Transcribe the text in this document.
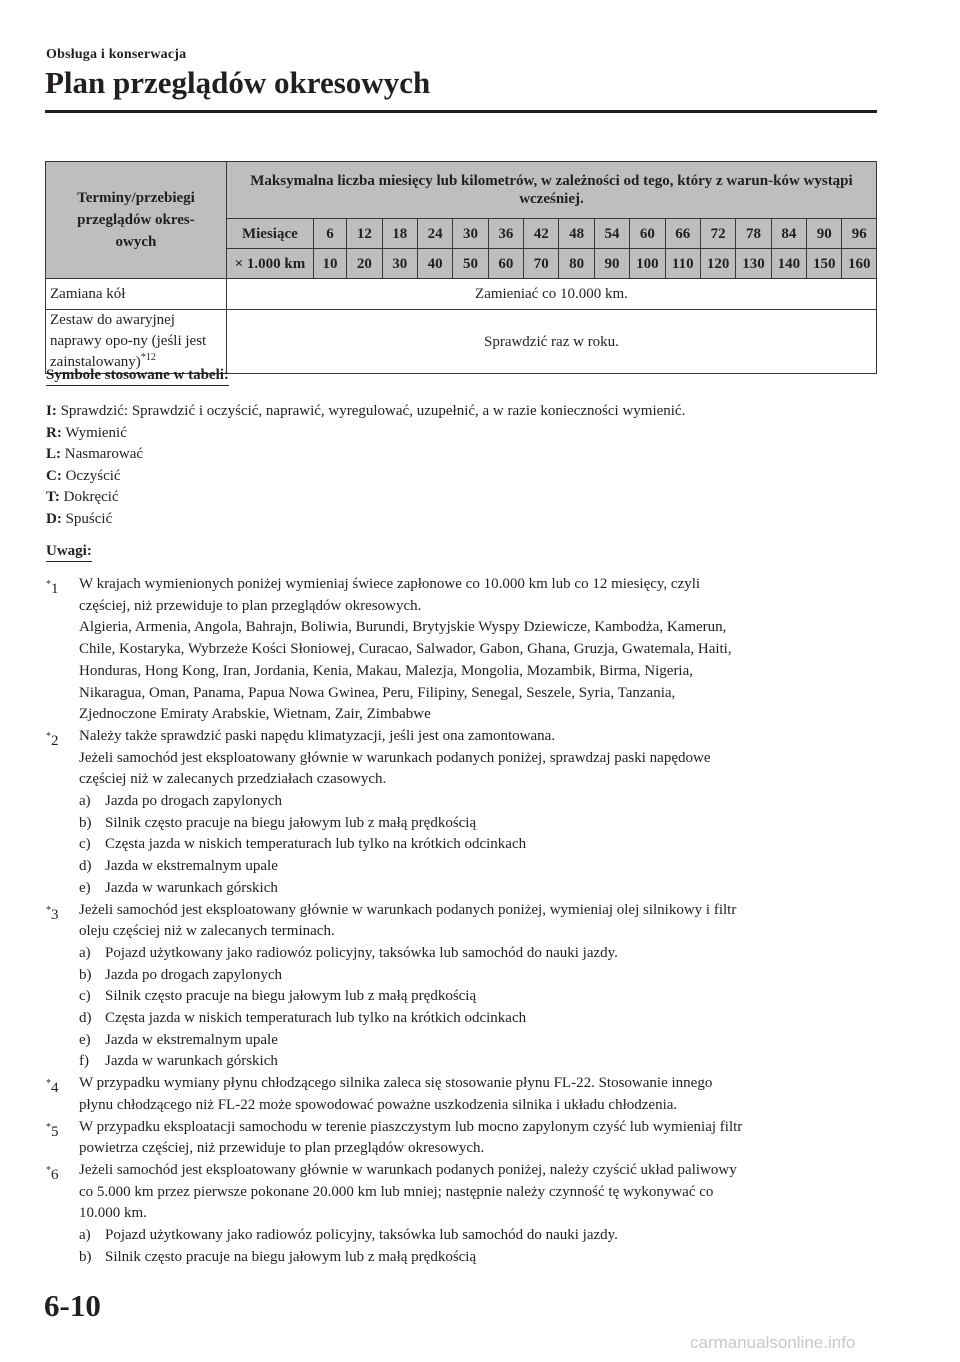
Obsługa i konserwacja
Plan przeglądów okresowych
Terminy/przebiegi
przeglądów okres-
owych	Maksymalna liczba miesięcy lub kilometrów, w zależności od tego, który z warun-ków wystąpi wcześniej.																
	Miesiące	6	12	18	24	30	36	42	48	54	60	66	72	78	84	90	96
	× 1.000 km	10	20	30	40	50	60	70	80	90	100	110	120	130	140	150	160
Zamiana kół	Zamieniać co 10.000 km.																
Zestaw do awaryjnej naprawy opo-ny (jeśli jest zainstalowany)$^{*12}$	Sprawdzić raz w roku.																
Symbole stosowane w tabeli:
I: Sprawdzić: Sprawdzić i oczyścić, naprawić, wyregulować, uzupełnić, a w razie konieczności wymienić.
R: Wymienić
L: Nasmarować
C: Oczyścić
T: Dokręcić
D: Spuścić
Uwagi:
*1 W krajach wymienionych poniżej wymieniaj świece zapłonowe co 10.000 km lub co 12 miesięcy, czyli
częściej, niż przewiduje to plan przeglądów okresowych.
Algieria, Armenia, Angola, Bahrajn, Boliwia, Burundi, Brytyjskie Wyspy Dziewicze, Kambodża, Kamerun,
Chile, Kostaryka, Wybrzeże Kości Słoniowej, Curacao, Salwador, Gabon, Ghana, Gruzja, Gwatemala, Haiti,
Honduras, Hong Kong, Iran, Jordania, Kenia, Makau, Malezja, Mongolia, Mozambik, Birma, Nigeria,
Nikaragua, Oman, Panama, Papua Nowa Gwinea, Peru, Filipiny, Senegal, Seszele, Syria, Tanzania,
Zjednoczone Emiraty Arabskie, Wietnam, Zair, Zimbabwe
*2 Należy także sprawdzić paski napędu klimatyzacji, jeśli jest ona zamontowana.
Jeżeli samochód jest eksploatowany głównie w warunkach podanych poniżej, sprawdzaj paski napędowe
częściej niż w zalecanych przedziałach czasowych.
a) Jazda po drogach zapylonych
b) Silnik często pracuje na biegu jałowym lub z małą prędkością
c) Częsta jazda w niskich temperaturach lub tylko na krótkich odcinkach
d) Jazda w ekstremalnym upale
e) Jazda w warunkach górskich
*3 Jeżeli samochód jest eksploatowany głównie w warunkach podanych poniżej, wymieniaj olej silnikowy i filtr
oleju częściej niż w zalecanych terminach.
a) Pojazd użytkowany jako radiowóz policyjny, taksówka lub samochód do nauki jazdy.
b) Jazda po drogach zapylonych
c) Silnik często pracuje na biegu jałowym lub z małą prędkością
d) Częsta jazda w niskich temperaturach lub tylko na krótkich odcinkach
e) Jazda w ekstremalnym upale
f) Jazda w warunkach górskich
*4 W przypadku wymiany płynu chłodzącego silnika zaleca się stosowanie płynu FL-22. Stosowanie innego
płynu chłodzącego niż FL-22 może spowodować poważne uszkodzenia silnika i układu chłodzenia.
*5 W przypadku eksploatacji samochodu w terenie piaszczystym lub mocno zapylonym czyść lub wymieniaj filtr
powietrza częściej, niż przewiduje to plan przeglądów okresowych.
*6 Jeżeli samochód jest eksploatowany głównie w warunkach podanych poniżej, należy czyścić układ paliwowy
co 5.000 km przez pierwsze pokonane 20.000 km lub mniej; następnie należy czynność tę wykonywać co
10.000 km.
a) Pojazd użytkowany jako radiowóz policyjny, taksówka lub samochód do nauki jazdy.
b) Silnik często pracuje na biegu jałowym lub z małą prędkością
6-10
carmanualsonline.info
